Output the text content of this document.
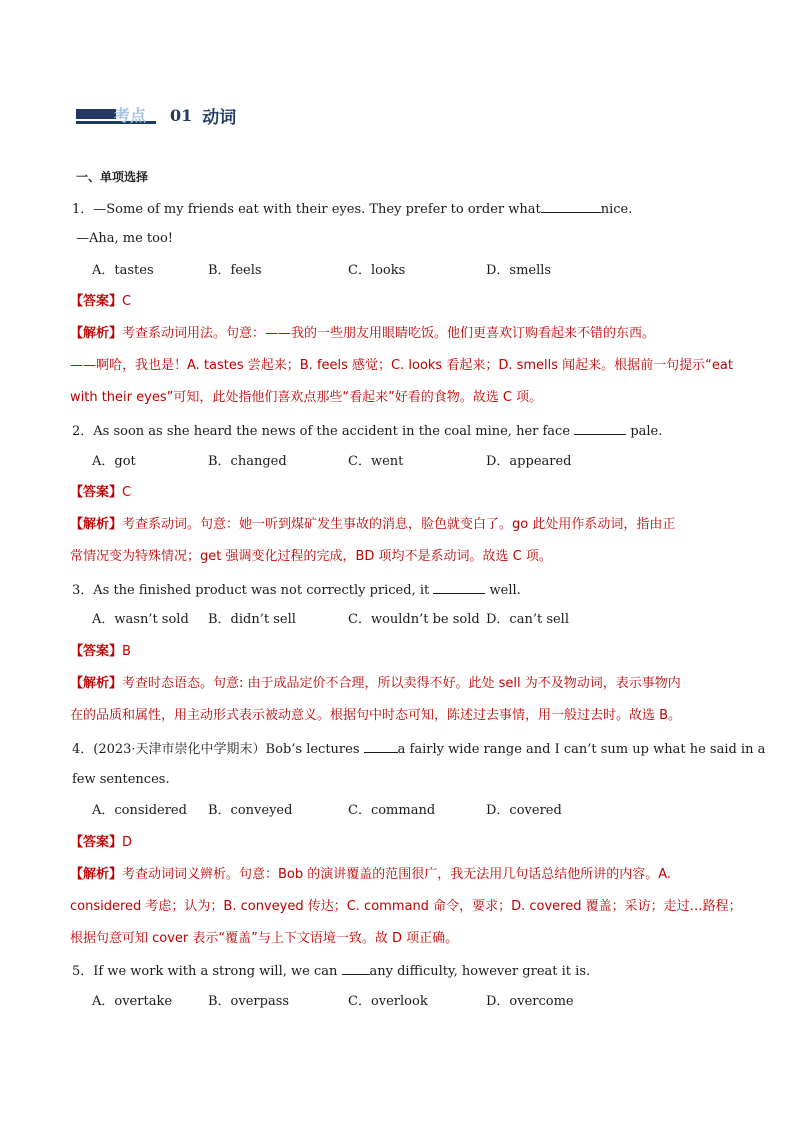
考点 01 动词
一、单项选择
1．—Some of my friends eat with their eyes. They prefer to order what	nice.
—Aha, me too!
A．tastes	B．feels	C．looks	D．smells
【答案】C
【解析】考查系动词用法。句意：——我的一些朋友用眼睛吃饭。他们更喜欢订购看起来不错的东西。
——啊哈，我也是！A. tastes 尝起来；B. feels 感觉；C. looks 看起来；D. smells 闻起来。根据前一句提示“eat
with their eyes”可知，此处指他们喜欢点那些“看起来”好看的食物。故选 C 项。
2．As soon as she heard the news of the accident in the coal mine, her face	pale.
A．got	B．changed	C．went	D．appeared
【答案】C
【解析】考查系动词。句意：她一听到煤矿发生事故的消息，脸色就变白了。go 此处用作系动词，指由正
常情况变为特殊情况；get 强调变化过程的完成，BD 项均不是系动词。故选 C 项。
3．As the finished product was not correctly priced, it	well.
A．wasn’t sold B．didn’t sell	C．wouldn’t be sold D．can’t sell
【答案】B
【解析】考查时态语态。句意: 由于成品定价不合理，所以卖得不好。此处 sell 为不及物动词，表示事物内
在的品质和属性，用主动形式表示被动意义。根据句中时态可知，陈述过去事情，用一般过去时。故选 B。
4．(2023·天津市崇化中学期末）Bob’s lectures	a fairly wide range and I can’t sum up what he said in a
few sentences.
A．considered B．conveyed	C．command	D．covered
【答案】D
【解析】考查动词词义辨析。句意：Bob 的演讲覆盖的范围很广，我无法用几句话总结他所讲的内容。A.
considered 考虑；认为；B. conveyed 传达；C. command 命令，要求；D. covered 覆盖；采访；走过…路程；
根据句意可知 cover 表示“覆盖”与上下文语境一致。故 D 项正确。
5．If we work with a strong will, we can any difficulty, however great it is.
A．overtake	B．overpass	C．overlook	D．overcome
